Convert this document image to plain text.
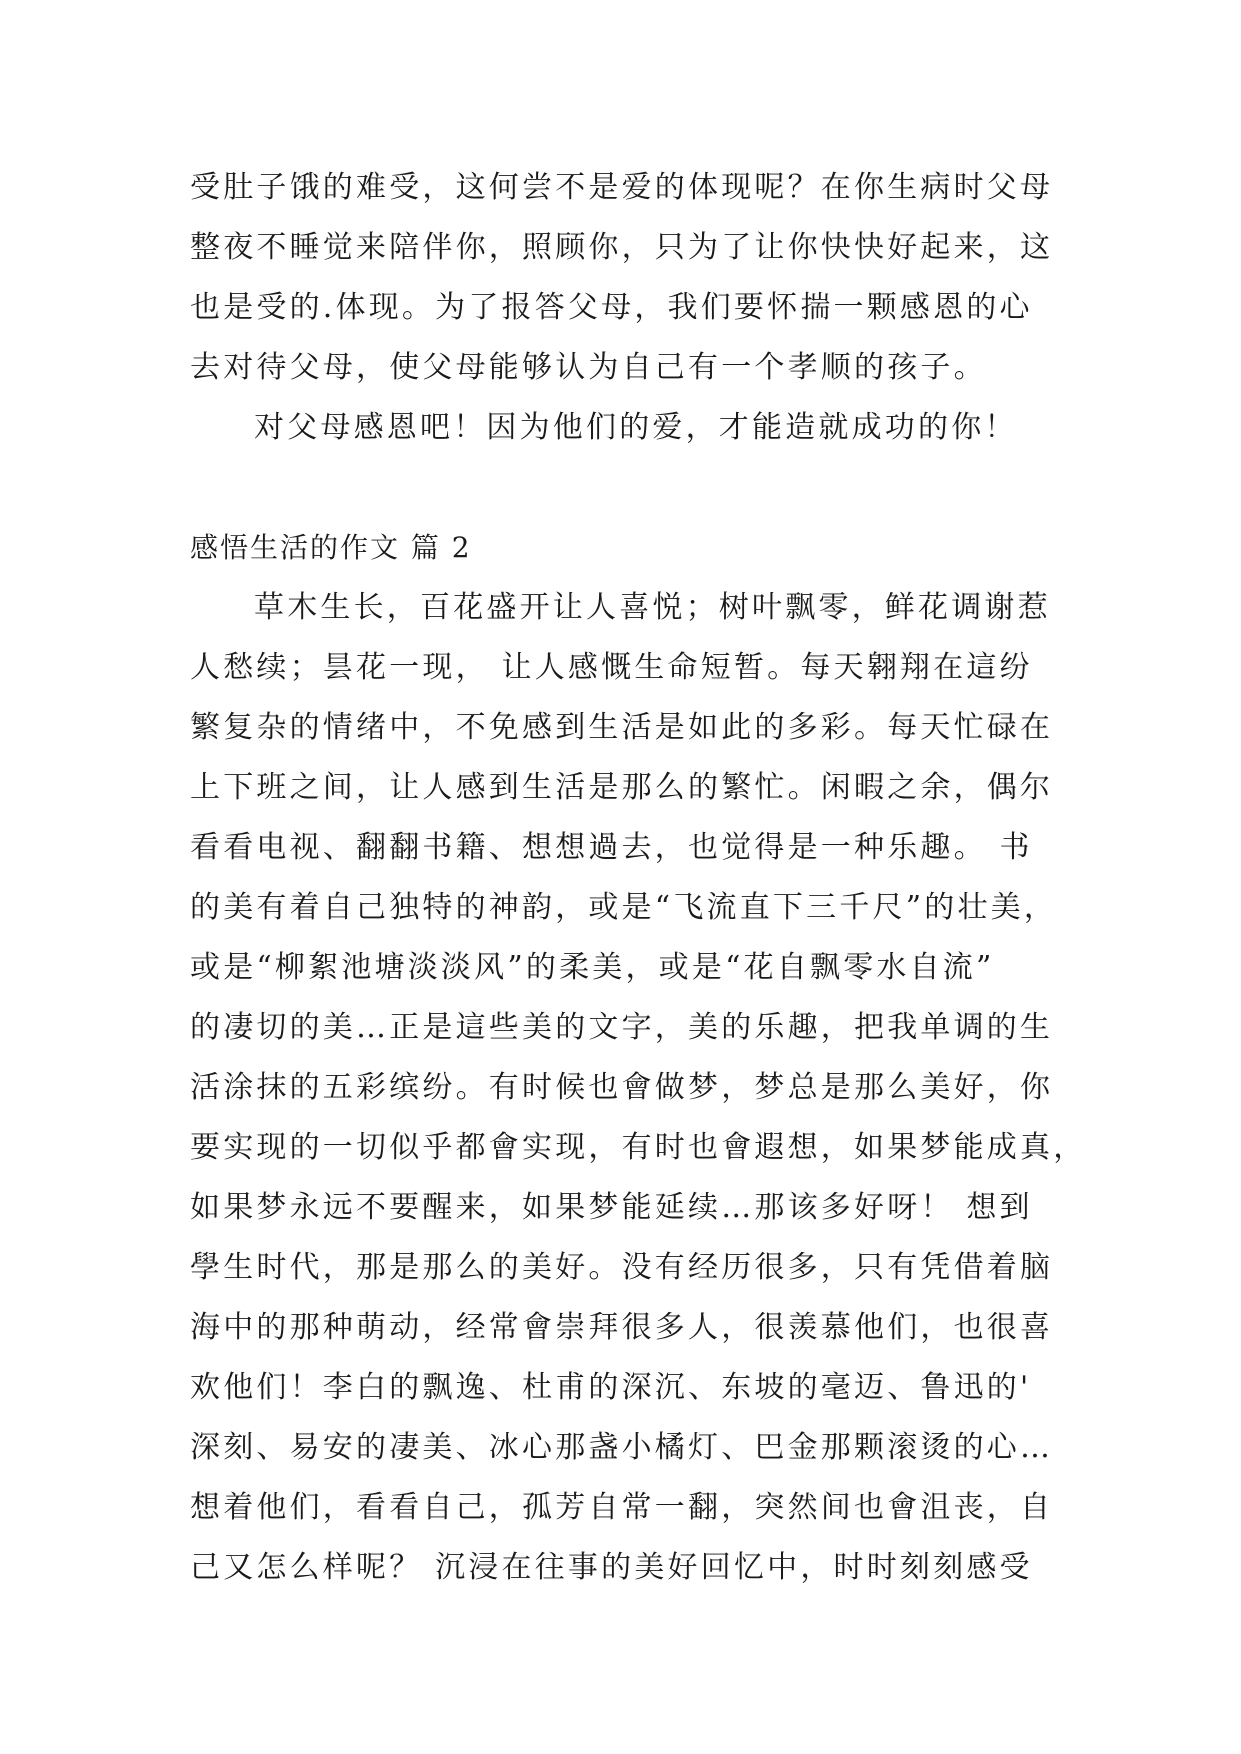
受肚子饿的难受，这何尝不是爱的体现呢？在你生病时父母
整夜不睡觉来陪伴你，照顾你，只为了让你快快好起来，这
也是受的.体现。为了报答父母，我们要怀揣一颗感恩的心
去对待父母，使父母能够认为自己有一个孝顺的孩子。
对父母感恩吧！因为他们的爱，才能造就成功的你！
感悟生活的作文 篇 2
草木生长，百花盛开让人喜悦；树叶飘零，鲜花调谢惹
人愁续；昙花一现， 让人感慨生命短暂。每天翱翔在這纷
繁复杂的情绪中，不免感到生活是如此的多彩。每天忙碌在
上下班之间，让人感到生活是那么的繁忙。闲暇之余，偶尔
看看电视、翻翻书籍、想想過去，也觉得是一种乐趣。 书
的美有着自己独特的神韵，或是“飞流直下三千尺”的壮美，
或是“柳絮池塘淡淡风”的柔美，或是“花自飘零水自流”
的凄切的美…正是這些美的文字，美的乐趣，把我单调的生
活涂抹的五彩缤纷。有时候也會做梦，梦总是那么美好，你
要实现的一切似乎都會实现，有时也會遐想，如果梦能成真，
如果梦永远不要醒来，如果梦能延续…那该多好呀！ 想到
學生时代，那是那么的美好。没有经历很多，只有凭借着脑
海中的那种萌动，经常會崇拜很多人，很羡慕他们，也很喜
欢他们！李白的飘逸、杜甫的深沉、东坡的毫迈、鲁迅的'
深刻、易安的凄美、冰心那盏小橘灯、巴金那颗滚烫的心…
想着他们，看看自己，孤芳自常一翻，突然间也會沮丧，自
己又怎么样呢？ 沉浸在往事的美好回忆中，时时刻刻感受
